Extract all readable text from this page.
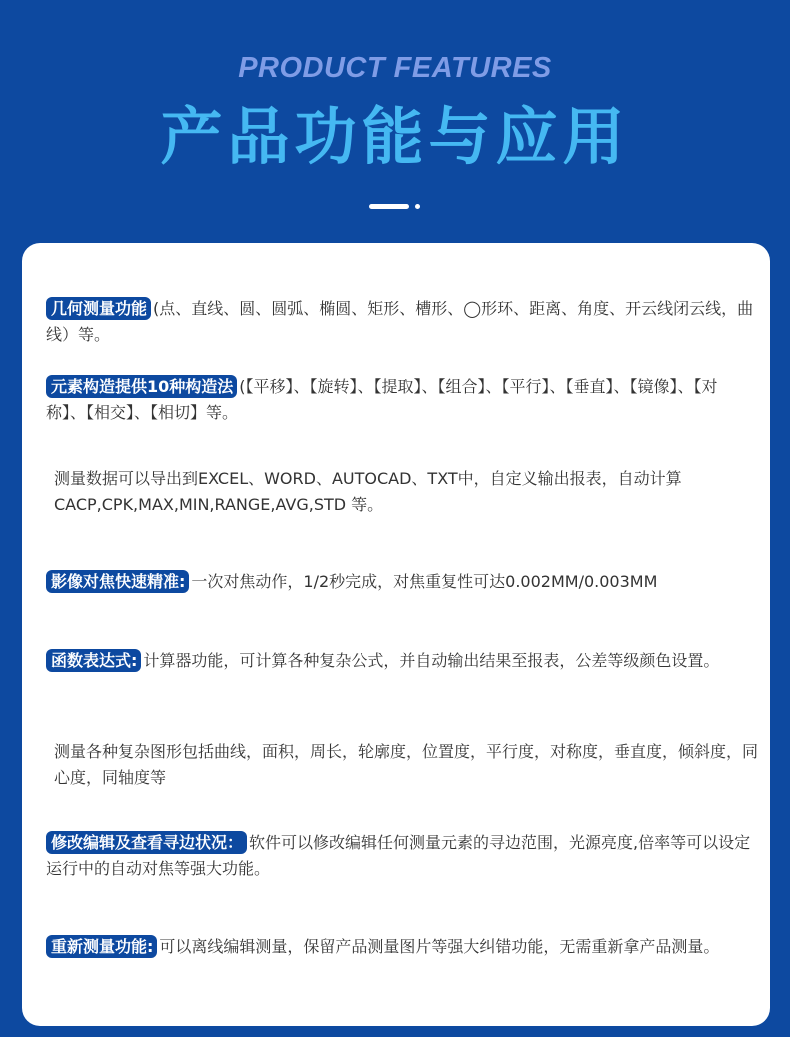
PRODUCT FEATURES
产品功能与应用
几何测量功能 (点、直线、圆、圆弧、椭圆、矩形、槽形、◯形环、距离、角度、开云线闭云线，曲线）等。
元素构造提供10种构造法 (【平移】、【旋转】、【提取】、【组合】、【平行】、【垂直】、【镜像】、【对称】、【相交】、【相切】等。
测量数据可以导出到EXCEL、WORD、AUTOCAD、TXT中，自定义输出报表，自动计算 CACP,CPK,MAX,MIN,RANGE,AVG,STD 等。
影像对焦快速精准: 一次对焦动作，1/2秒完成，对焦重复性可达0.002MM/0.003MM
函数表达式: 计算器功能，可计算各种复杂公式，并自动输出结果至报表，公差等级颜色设置。
测量各种复杂图形包括曲线，面积，周长，轮廓度，位置度，平行度，对称度，垂直度，倾斜度，同心度，同轴度等
修改编辑及查看寻边状况： 软件可以修改编辑任何测量元素的寻边范围，光源亮度,倍率等可以设定运行中的自动对焦等强大功能。
重新测量功能: 可以离线编辑测量，保留产品测量图片等强大纠错功能，无需重新拿产品测量。
